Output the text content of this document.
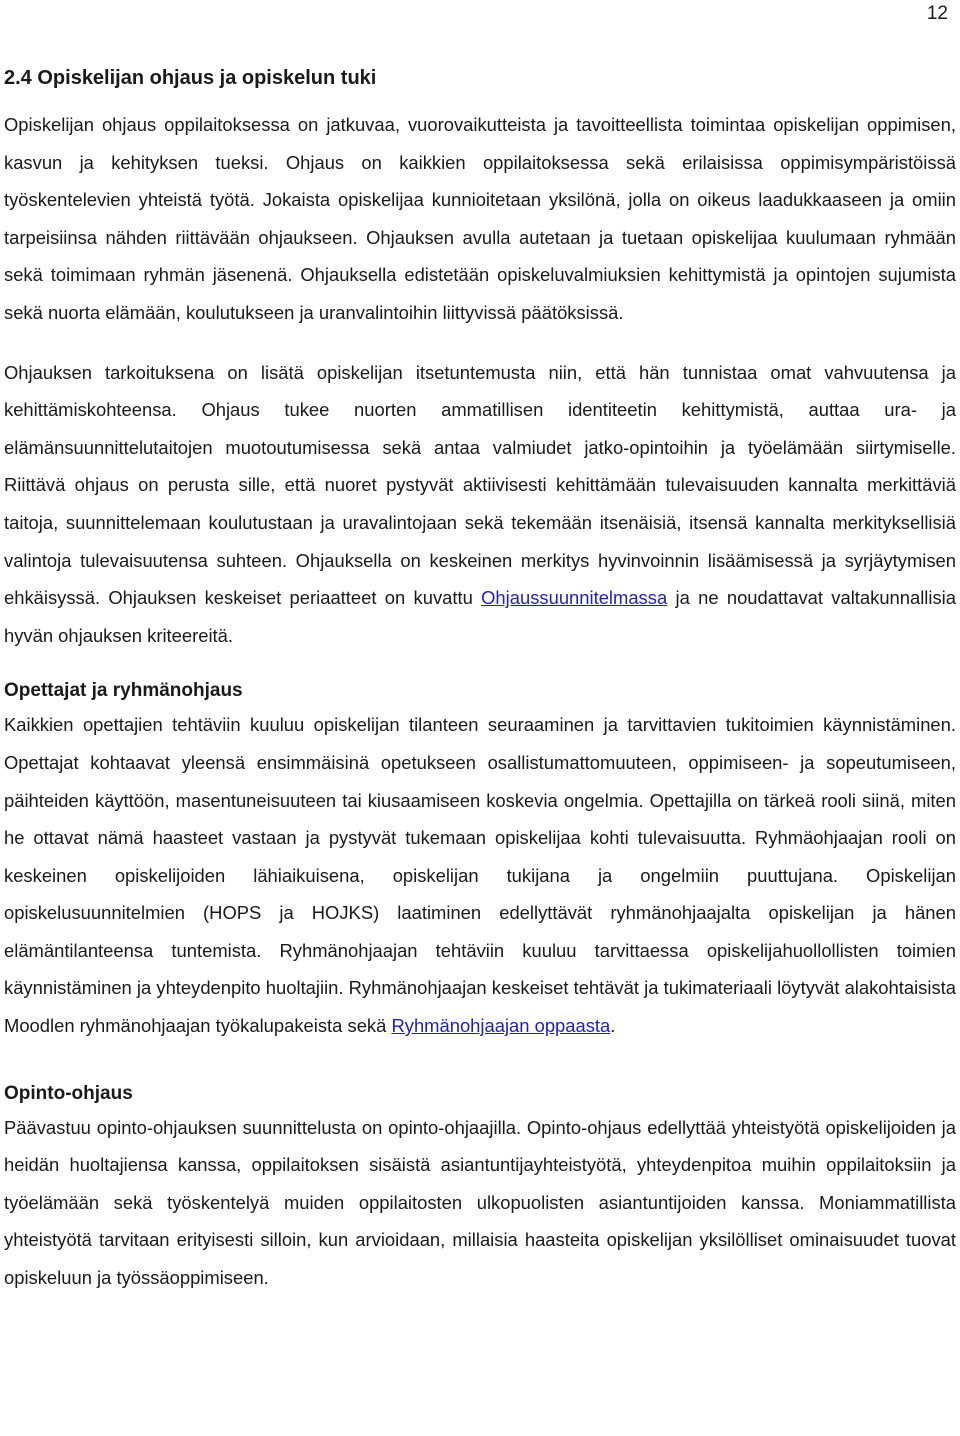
12
2.4 Opiskelijan ohjaus ja opiskelun tuki

Opiskelijan ohjaus oppilaitoksessa on jatkuvaa, vuorovaikutteista ja tavoitteellista toimintaa opiskelijan oppimisen, kasvun ja kehityksen tueksi. Ohjaus on kaikkien oppilaitoksessa sekä erilaisissa oppimisympäristöissä työskentelevien yhteistä työtä. Jokaista opiskelijaa kunnioitetaan yksilönä, jolla on oikeus laadukkaaseen ja omiin tarpeisiinsa nähden riittävään ohjaukseen. Ohjauksen avulla autetaan ja tuetaan opiskelijaa kuulumaan ryhmään sekä toimimaan ryhmän jäsenenä. Ohjauksella edistetään opiskeluvalmiuksien kehittymistä ja opintojen sujumista sekä nuorta elämään, koulutukseen ja uranvalintoihin liittyvissä päätöksissä.

Ohjauksen tarkoituksena on lisätä opiskelijan itsetuntemusta niin, että hän tunnistaa omat vahvuutensa ja kehittämiskohteensa. Ohjaus tukee nuorten ammatillisen identiteetin kehittymistä, auttaa ura- ja elämänsuunnittelutaitojen muotoutumisessa sekä antaa valmiudet jatko-opintoihin ja työelämään siirtymiselle. Riittävä ohjaus on perusta sille, että nuoret pystyvät aktiivisesti kehittämään tulevaisuuden kannalta merkittäviä taitoja, suunnittelemaan koulutustaan ja uravalintojaan sekä tekemään itsenäisiä, itsensä kannalta merkityksellisiä valintoja tulevaisuutensa suhteen. Ohjauksella on keskeinen merkitys hyvinvoinnin lisäämisessä ja syrjäytymisen ehkäisyssä. Ohjauksen keskeiset periaatteet on kuvattu Ohjaussuunnitelmassa ja ne noudattavat valtakunnallisia hyvän ohjauksen kriteereitä.

Opettajat ja ryhmänohjaus

Kaikkien opettajien tehtäviin kuuluu opiskelijan tilanteen seuraaminen ja tarvittavien tukitoimien käynnistäminen. Opettajat kohtaavat yleensä ensimmäisinä opetukseen osallistumattomuuteen, oppimiseen- ja sopeutumiseen, päihteiden käyttöön, masentuneisuuteen tai kiusaamiseen koskevia ongelmia. Opettajilla on tärkeä rooli siinä, miten he ottavat nämä haasteet vastaan ja pystyvät tukemaan opiskelijaa kohti tulevaisuutta. Ryhmäohjaajan rooli on keskeinen opiskelijoiden lähiaikuisena, opiskelijan tukijana ja ongelmiin puuttujana. Opiskelijan opiskelusuunnitelmien (HOPS ja HOJKS) laatiminen edellyttävät ryhmänohjaajalta opiskelijan ja hänen elämäntilanteensa tuntemista. Ryhmänohjaajan tehtäviin kuuluu tarvittaessa opiskelijahuollollisten toimien käynnistäminen ja yhteydenpito huoltajiin. Ryhmänohjaajan keskeiset tehtävät ja tukimateriaali löytyvät alakohtaisista Moodlen ryhmänohjaajan työkalupakeista sekä Ryhmänohjaajan oppaasta.

Opinto-ohjaus

Päävastuu opinto-ohjauksen suunnittelusta on opinto-ohjaajilla. Opinto-ohjaus edellyttää yhteistyötä opiskelijoiden ja heidän huoltajiensa kanssa, oppilaitoksen sisäistä asiantuntijayhteistyötä, yhteydenpitoa muihin oppilaitoksiin ja työelämään sekä työskentelyä muiden oppilaitosten ulkopuolisten asiantuntijoiden kanssa. Moniammatillista yhteistyötä tarvitaan erityisesti silloin, kun arvioidaan, millaisia haasteita opiskelijan yksilölliset ominaisuudet tuovat opiskeluun ja työssäoppimiseen.
